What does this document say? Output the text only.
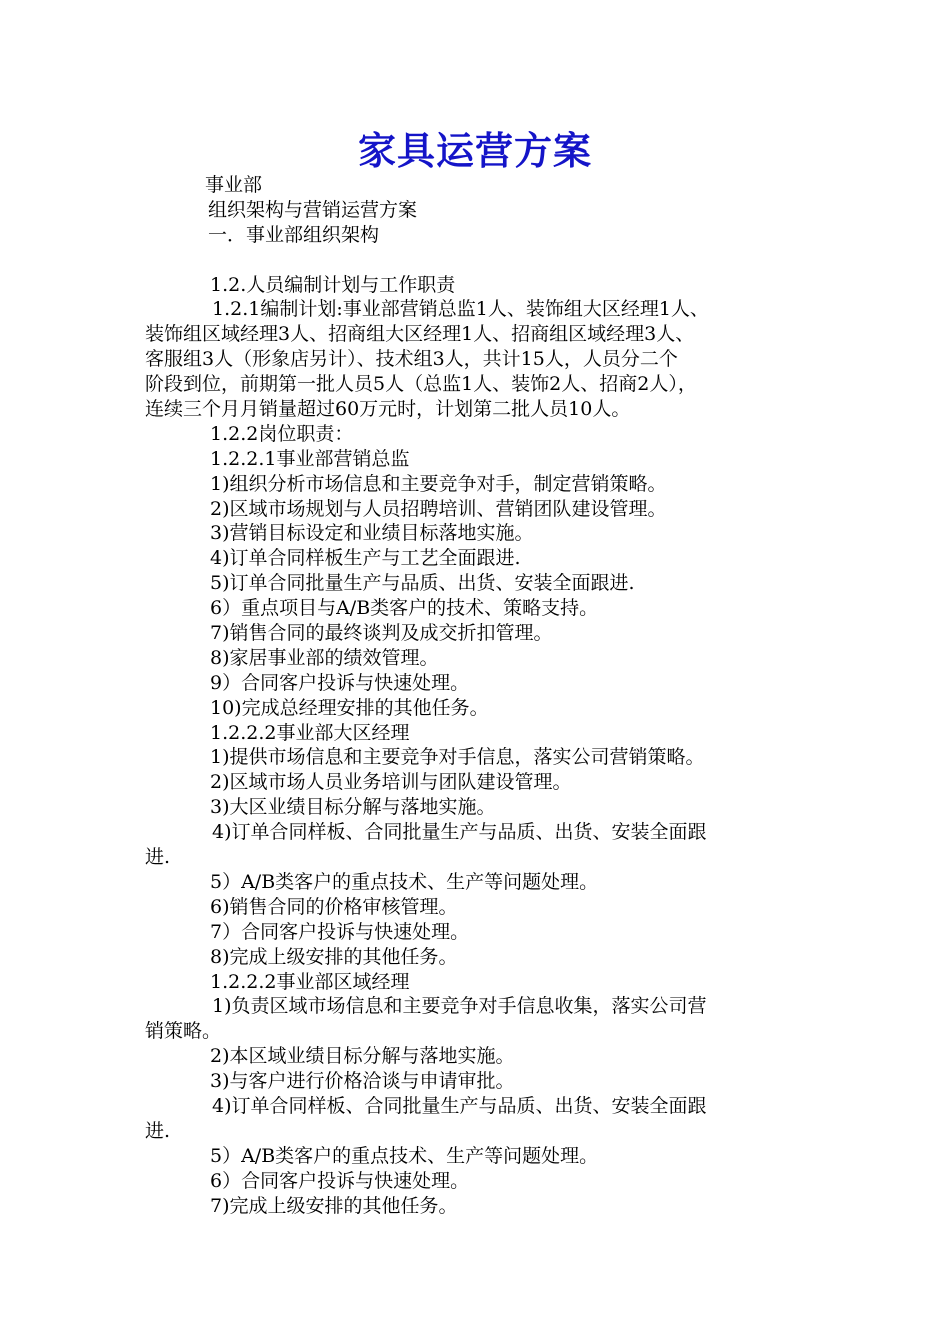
家具运营方案
事业部
组织架构与营销运营方案
一．事业部组织架构
1.2.人员编制计划与工作职责
1.2.1编制计划:事业部营销总监1人、装饰组大区经理1人、
装饰组区域经理3人、招商组大区经理1人、招商组区域经理3人、
客服组3人（形象店另计）、技术组3人，共计15人，人员分二个
阶段到位，前期第一批人员5人（总监1人、装饰2人、招商2人），
连续三个月月销量超过60万元时，计划第二批人员10人。
1.2.2岗位职责：
1.2.2.1事业部营销总监
1)组织分析市场信息和主要竞争对手，制定营销策略。
2)区域市场规划与人员招聘培训、营销团队建设管理。
3)营销目标设定和业绩目标落地实施。
4)订单合同样板生产与工艺全面跟进.
5)订单合同批量生产与品质、出货、安装全面跟进.
6）重点项目与A/B类客户的技术、策略支持。
7)销售合同的最终谈判及成交折扣管理。
8)家居事业部的绩效管理。
9）合同客户投诉与快速处理。
10)完成总经理安排的其他任务。
1.2.2.2事业部大区经理
1)提供市场信息和主要竞争对手信息，落实公司营销策略。
2)区域市场人员业务培训与团队建设管理。
3)大区业绩目标分解与落地实施。
4)订单合同样板、合同批量生产与品质、出货、安装全面跟
进.
5）A/B类客户的重点技术、生产等问题处理。
6)销售合同的价格审核管理。
7）合同客户投诉与快速处理。
8)完成上级安排的其他任务。
1.2.2.2事业部区域经理
1)负责区域市场信息和主要竞争对手信息收集，落实公司营
销策略。
2)本区域业绩目标分解与落地实施。
3)与客户进行价格洽谈与申请审批。
4)订单合同样板、合同批量生产与品质、出货、安装全面跟
进.
5）A/B类客户的重点技术、生产等问题处理。
6）合同客户投诉与快速处理。
7)完成上级安排的其他任务。
